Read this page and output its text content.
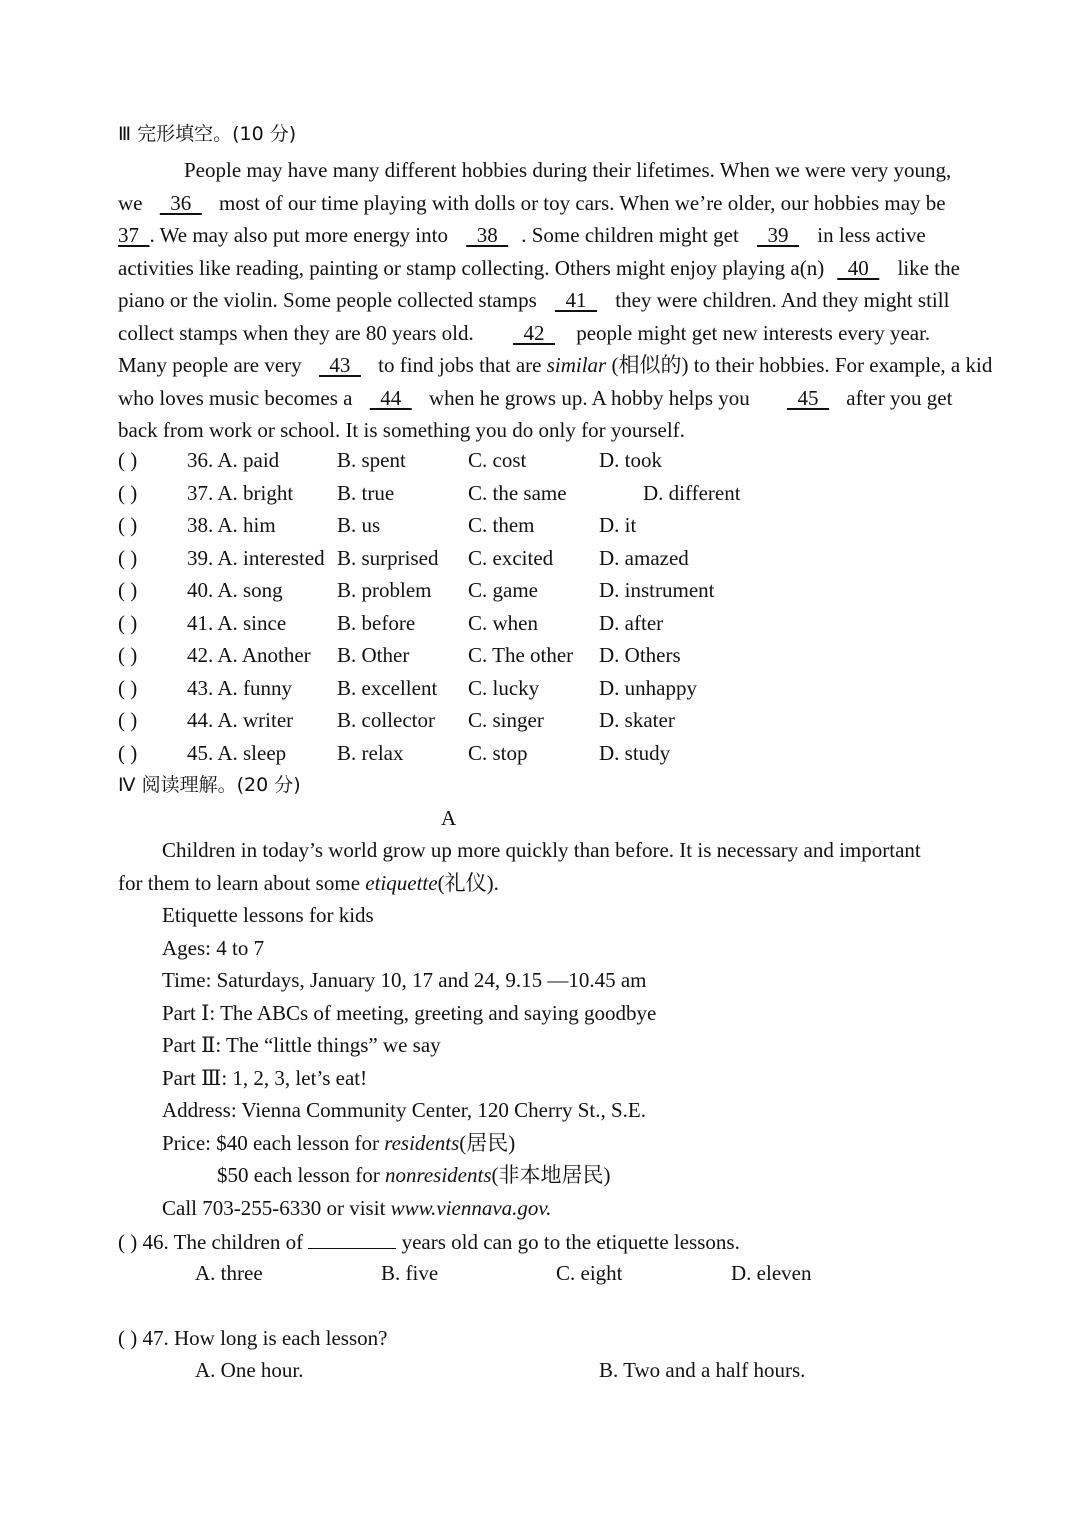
Ⅲ 完形填空。(10 分)
People may have many different hobbies during their lifetimes. When we were very young,
we   36   most of our time playing with dolls or toy cars. When we’re older, our hobbies may be
37  . We may also put more energy into   38  . Some children might get   39   in less active
activities like reading, painting or stamp collecting. Others might enjoy playing a(n)  40   like the
piano or the violin. Some people collected stamps   41   they were children. And they might still
collect stamps when they are 80 years old.   42   people might get new interests every year.
Many people are very   43   to find jobs that are similar (相似的) to their hobbies. For example, a kid
who loves music becomes a   44   when he grows up. A hobby helps you   45   after you get
back from work or school. It is something you do only for yourself.
( ) 36. A. paid	B. spent	C. cost	D. took
( ) 37. A. bright B. true	C. the same	D. different
( ) 38. A. him	B. us	C. them	D. it
( ) 39. A. interested B. surprised C. excited D. amazed
( ) 40. A. song	B. problem C. game	D. instrument
( ) 41. A. since B. before	C. when	D. after
( ) 42. A. Another B. Other	C. The other D. Others
( ) 43. A. funny B. excellent C. lucky	D. unhappy
( ) 44. A. writer B. collector C. singer	D. skater
( ) 45. A. sleep B. relax	C. stop	D. study
Ⅳ 阅读理解。(20 分)
A
Children in today’s world grow up more quickly than before. It is necessary and important
for them to learn about some etiquette(礼仪).
Etiquette lessons for kids
Ages: 4 to 7
Time: Saturdays, January 10, 17 and 24, 9.15 —10.45 am
Part Ⅰ: The ABCs of meeting, greeting and saying goodbye
Part Ⅱ: The “little things” we say
Part Ⅲ: 1, 2, 3, let’s eat!
Address: Vienna Community Center, 120 Cherry St., S.E.
Price: $40 each lesson for residents(居民)
$50 each lesson for nonresidents(非本地居民)
Call 703-255-6330 or visit www.viennava.gov.
( ) 46. The children of	years old can go to the etiquette lessons.
A. three	B. five	C. eight	D. eleven
( ) 47. How long is each lesson?
A. One hour.	B. Two and a half hours.
